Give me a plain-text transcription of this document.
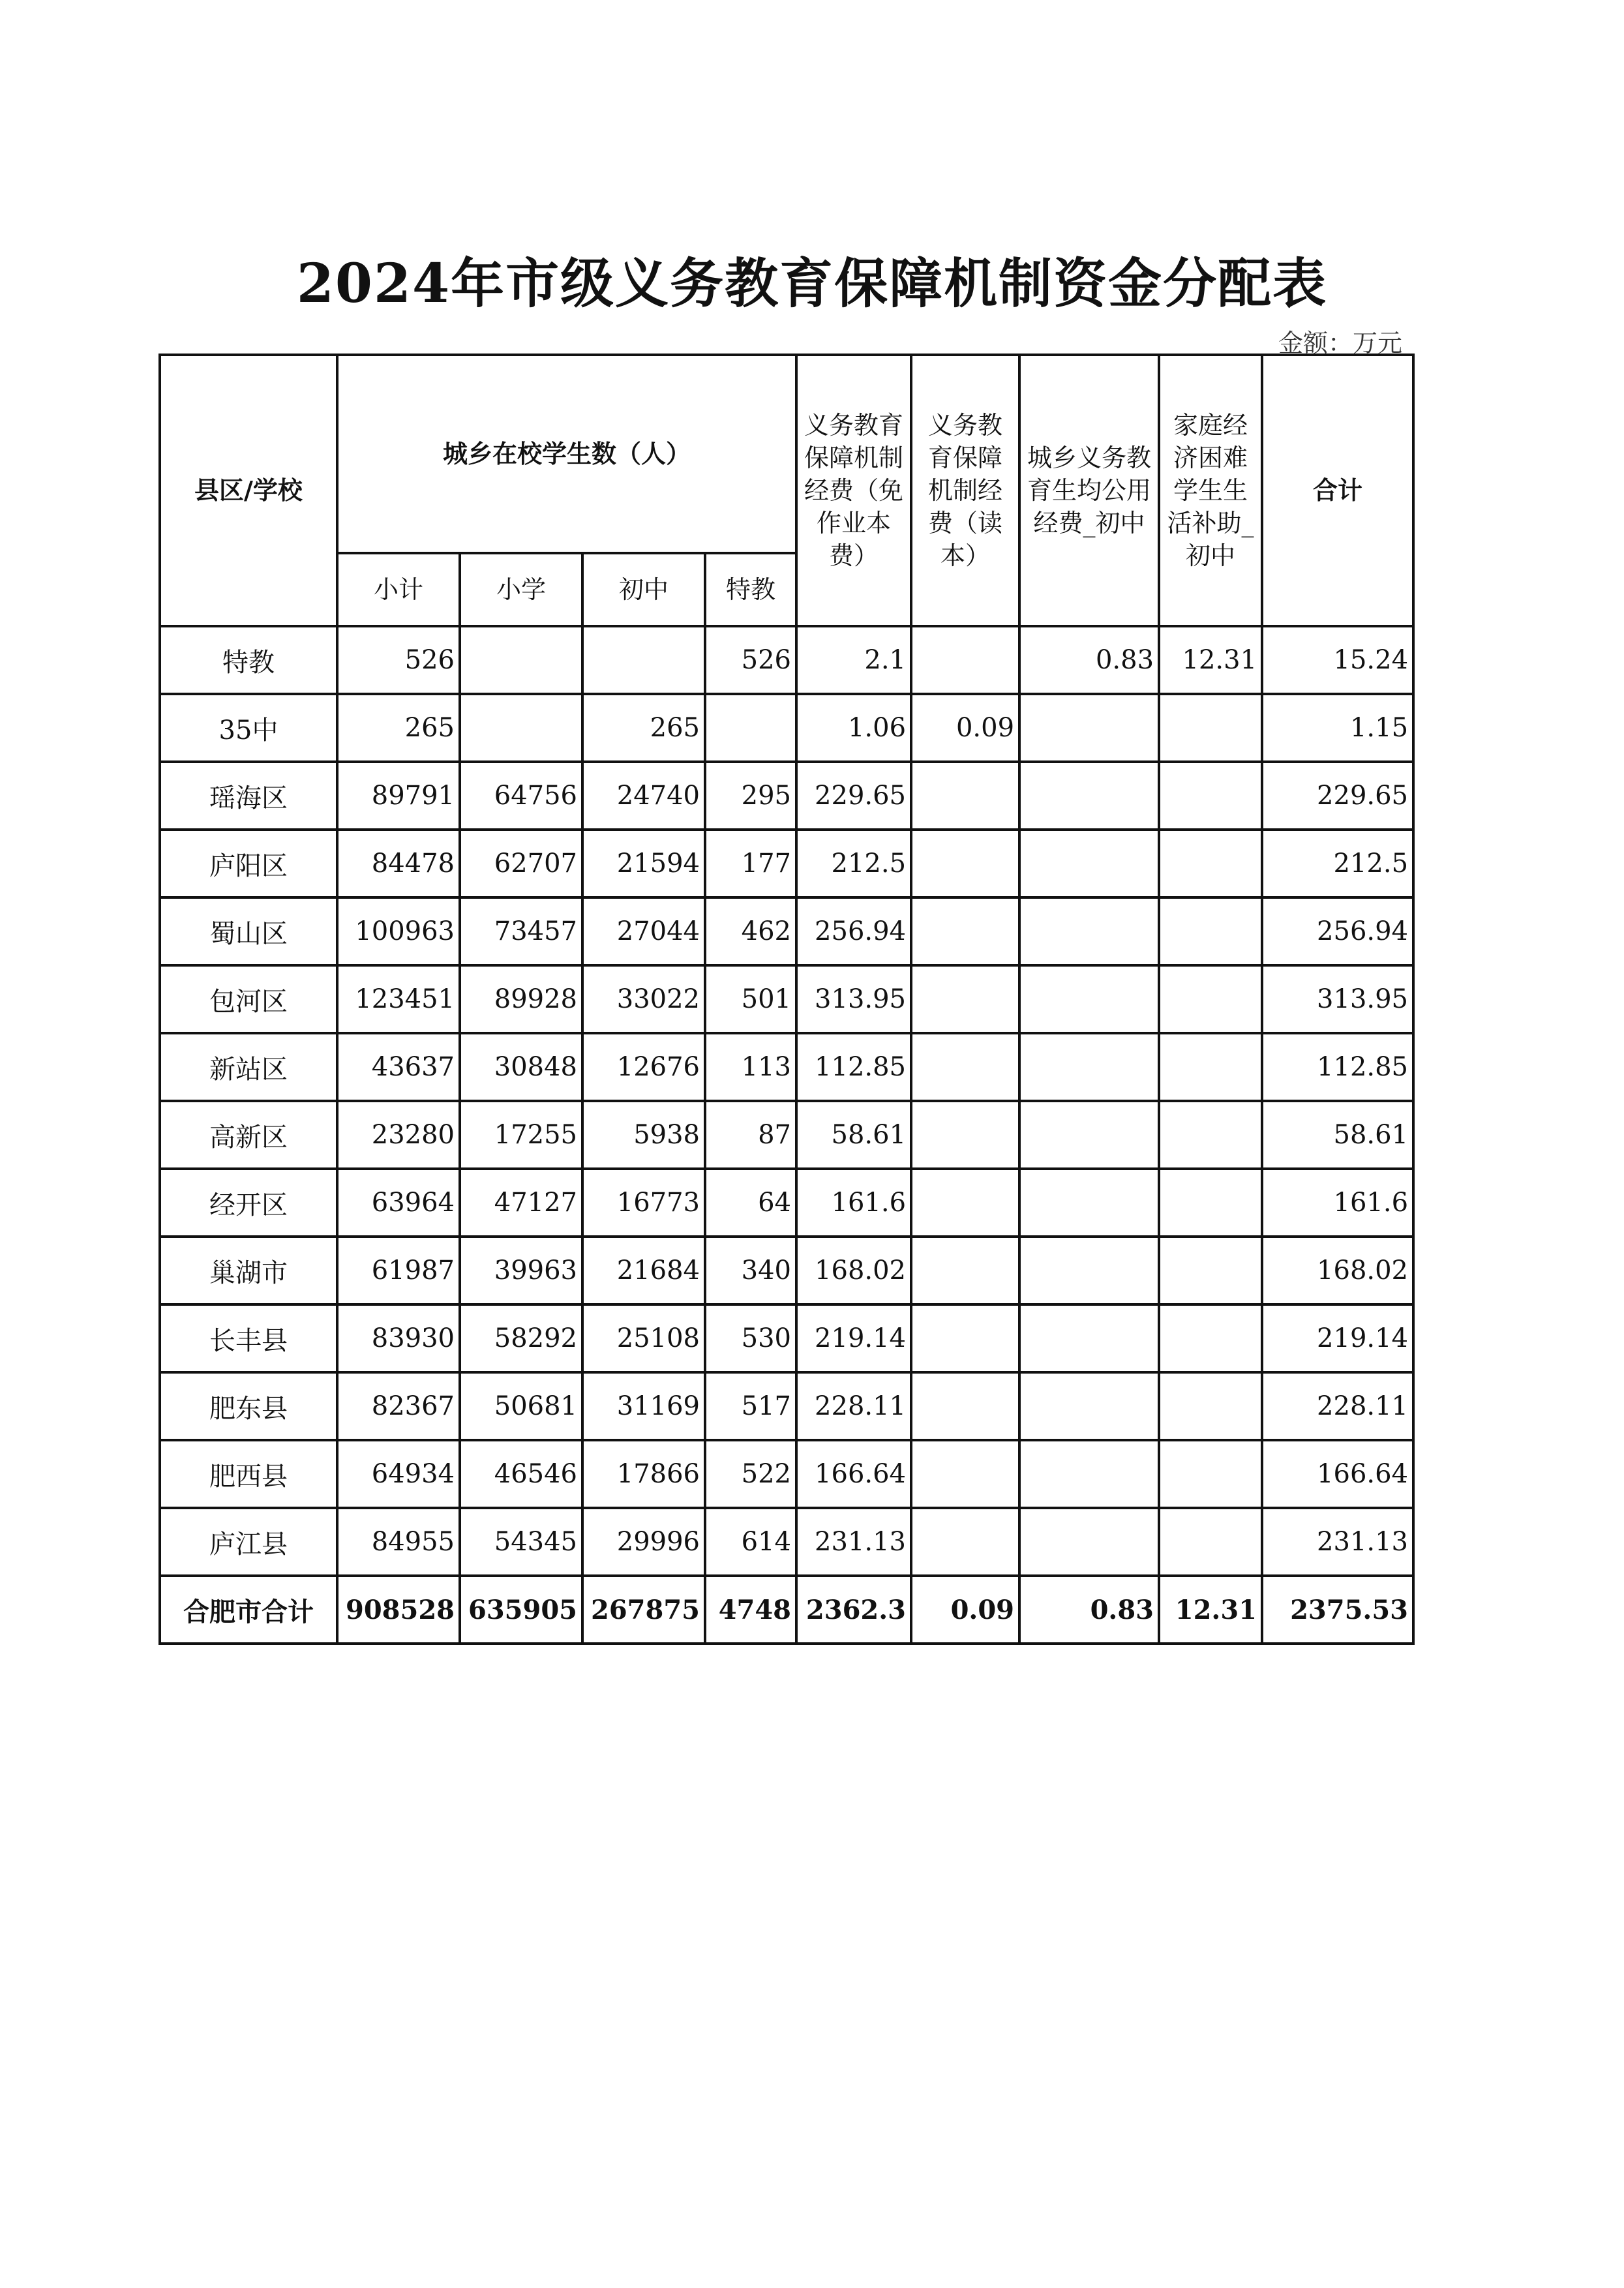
2024年市级义务教育保障机制资金分配表
金额：万元
县区/学校	城乡在校学生数（人）				义务教育保障机制经费（免作业本费）	义务教育保障机制经费（读本）	城乡义务教育生均公用经费_初中	家庭经济困难学生生活补助_初中	合计
	小计	小学	初中	特教					
特教	526			526	2.1		0.83	12.31	15.24
35中	265		265		1.06	0.09			1.15
瑶海区	89791	64756	24740	295	229.65				229.65
庐阳区	84478	62707	21594	177	212.5				212.5
蜀山区	100963	73457	27044	462	256.94				256.94
包河区	123451	89928	33022	501	313.95				313.95
新站区	43637	30848	12676	113	112.85				112.85
高新区	23280	17255	5938	87	58.61				58.61
经开区	63964	47127	16773	64	161.6				161.6
巢湖市	61987	39963	21684	340	168.02				168.02
长丰县	83930	58292	25108	530	219.14				219.14
肥东县	82367	50681	31169	517	228.11				228.11
肥西县	64934	46546	17866	522	166.64				166.64
庐江县	84955	54345	29996	614	231.13				231.13
合肥市合计	908528	635905	267875	4748	2362.3	0.09	0.83	12.31	2375.53
